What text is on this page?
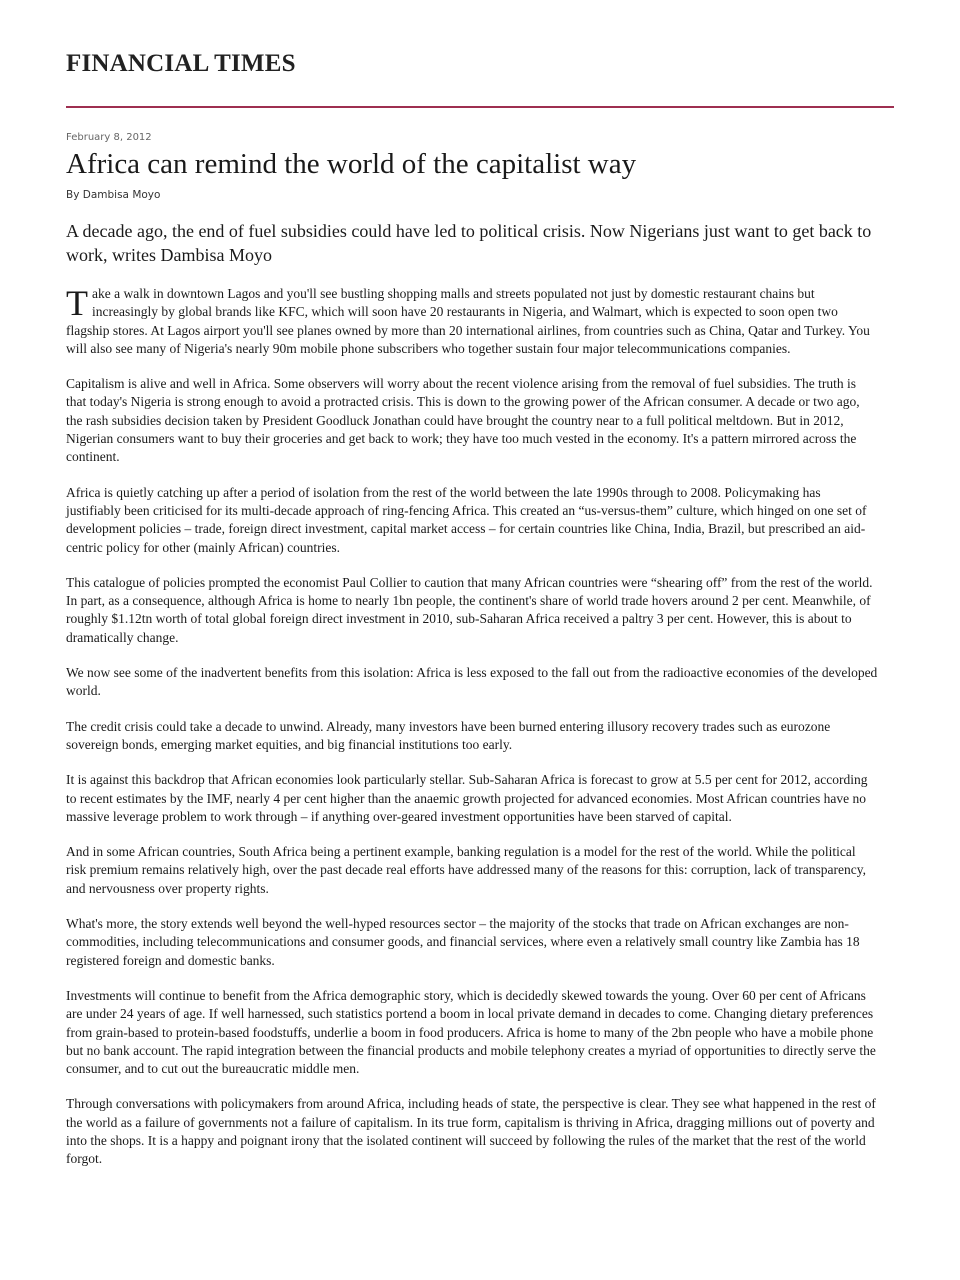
FINANCIAL TIMES
February 8, 2012
Africa can remind the world of the capitalist way
By Dambisa Moyo

A decade ago, the end of fuel subsidies could have led to political crisis. Now Nigerians just want to get back to work, writes Dambisa Moyo

Take a walk in downtown Lagos and you'll see bustling shopping malls and streets populated not just by domestic restaurant chains but increasingly by global brands like KFC, which will soon have 20 restaurants in Nigeria, and Walmart, which is expected to soon open two flagship stores. At Lagos airport you'll see planes owned by more than 20 international airlines, from countries such as China, Qatar and Turkey. You will also see many of Nigeria's nearly 90m mobile phone subscribers who together sustain four major telecommunications companies.

Capitalism is alive and well in Africa. Some observers will worry about the recent violence arising from the removal of fuel subsidies. The truth is that today's Nigeria is strong enough to avoid a protracted crisis. This is down to the growing power of the African consumer. A decade or two ago, the rash subsidies decision taken by President Goodluck Jonathan could have brought the country near to a full political meltdown. But in 2012, Nigerian consumers want to buy their groceries and get back to work; they have too much vested in the economy. It's a pattern mirrored across the continent.

Africa is quietly catching up after a period of isolation from the rest of the world between the late 1990s through to 2008. Policymaking has justifiably been criticised for its multi-decade approach of ring-fencing Africa. This created an “us-versus-them” culture, which hinged on one set of development policies – trade, foreign direct investment, capital market access – for certain countries like China, India, Brazil, but prescribed an aid-centric policy for other (mainly African) countries.

This catalogue of policies prompted the economist Paul Collier to caution that many African countries were “shearing off” from the rest of the world. In part, as a consequence, although Africa is home to nearly 1bn people, the continent's share of world trade hovers around 2 per cent. Meanwhile, of roughly $1.12tn worth of total global foreign direct investment in 2010, sub-Saharan Africa received a paltry 3 per cent. However, this is about to dramatically change.

We now see some of the inadvertent benefits from this isolation: Africa is less exposed to the fall out from the radioactive economies of the developed world.

The credit crisis could take a decade to unwind. Already, many investors have been burned entering illusory recovery trades such as eurozone sovereign bonds, emerging market equities, and big financial institutions too early.

It is against this backdrop that African economies look particularly stellar. Sub-Saharan Africa is forecast to grow at 5.5 per cent for 2012, according to recent estimates by the IMF, nearly 4 per cent higher than the anaemic growth projected for advanced economies. Most African countries have no massive leverage problem to work through – if anything over-geared investment opportunities have been starved of capital.

And in some African countries, South Africa being a pertinent example, banking regulation is a model for the rest of the world. While the political risk premium remains relatively high, over the past decade real efforts have addressed many of the reasons for this: corruption, lack of transparency, and nervousness over property rights.

What's more, the story extends well beyond the well-hyped resources sector – the majority of the stocks that trade on African exchanges are non-commodities, including telecommunications and consumer goods, and financial services, where even a relatively small country like Zambia has 18 registered foreign and domestic banks.

Investments will continue to benefit from the Africa demographic story, which is decidedly skewed towards the young. Over 60 per cent of Africans are under 24 years of age. If well harnessed, such statistics portend a boom in local private demand in decades to come. Changing dietary preferences from grain-based to protein-based foodstuffs, underlie a boom in food producers. Africa is home to many of the 2bn people who have a mobile phone but no bank account. The rapid integration between the financial products and mobile telephony creates a myriad of opportunities to directly serve the consumer, and to cut out the bureaucratic middle men.

Through conversations with policymakers from around Africa, including heads of state, the perspective is clear. They see what happened in the rest of the world as a failure of governments not a failure of capitalism. In its true form, capitalism is thriving in Africa, dragging millions out of poverty and into the shops. It is a happy and poignant irony that the isolated continent will succeed by following the rules of the market that the rest of the world forgot.
